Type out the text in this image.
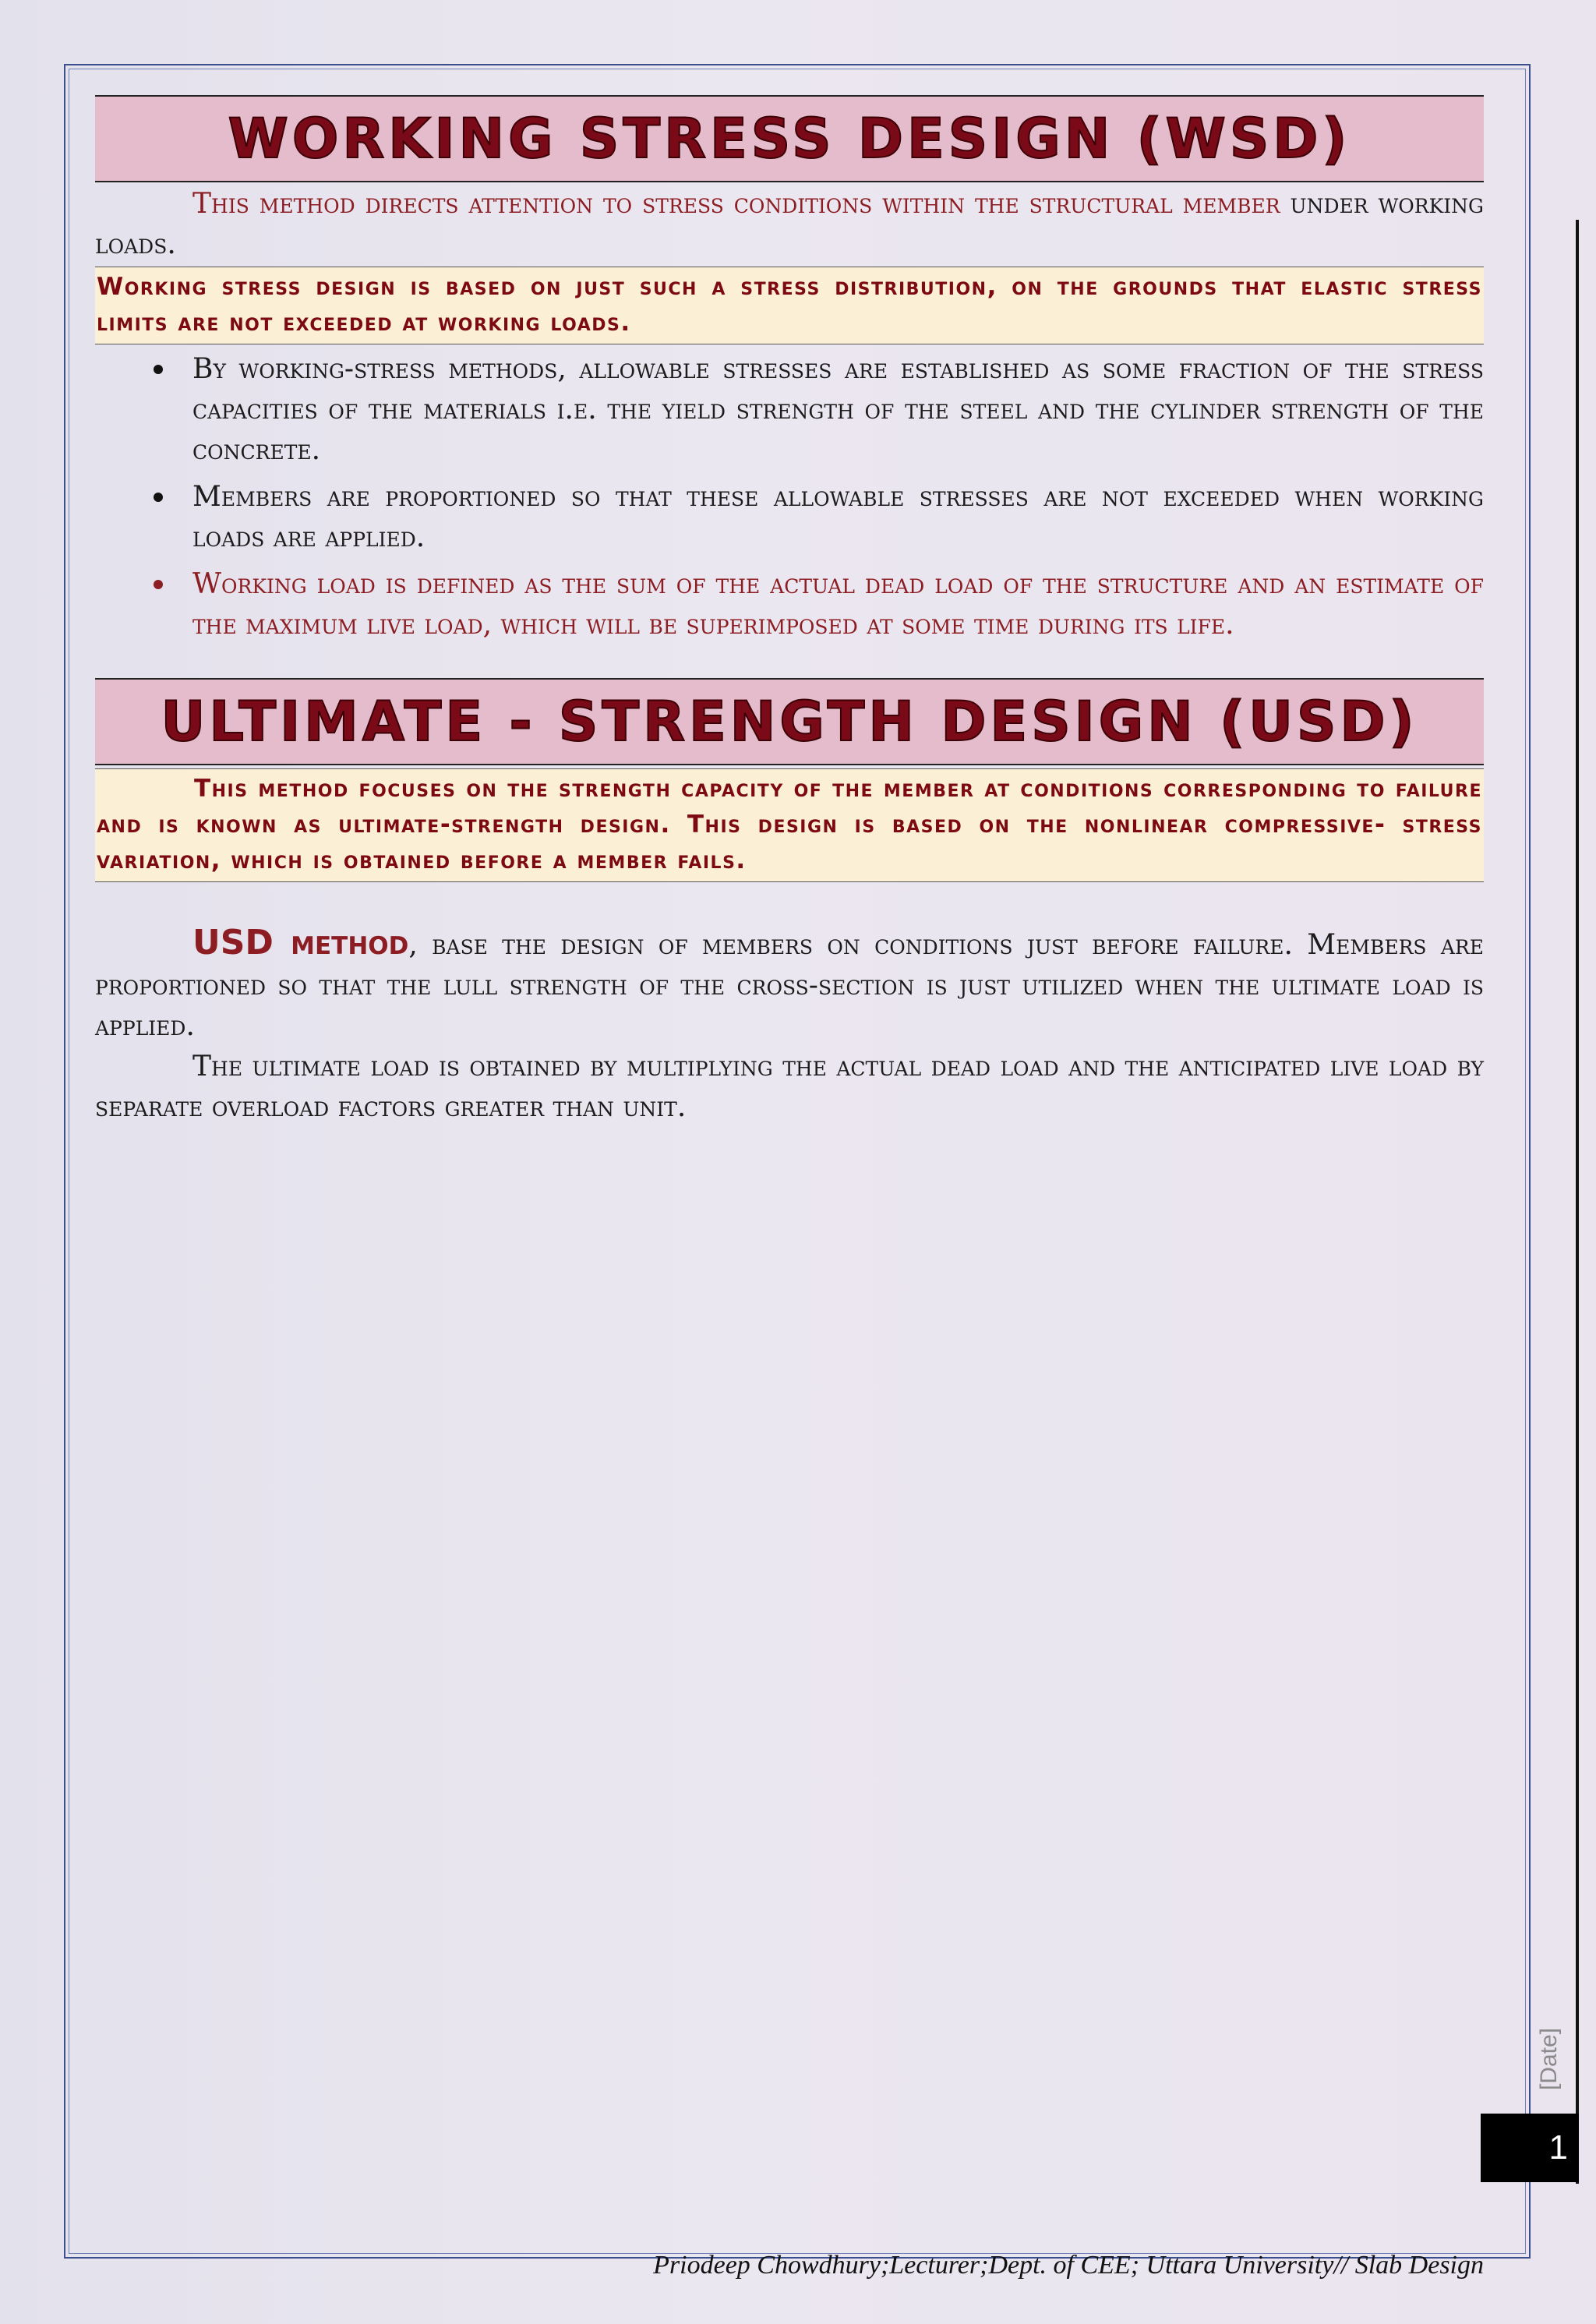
WORKING STRESS DESIGN (WSD)

This method directs attention to stress conditions within the structural member under working loads.

Working stress design is based on just such a stress distribution, on the grounds that elastic stress limits are not exceeded at working loads.
By working-stress methods, allowable stresses are established as some fraction of the stress capacities of the materials i.e. the yield strength of the steel and the cylinder strength of the concrete.
Members are proportioned so that these allowable stresses are not exceeded when working loads are applied.
Working load is defined as the sum of the actual dead load of the structure and an estimate of the maximum live load, which will be superimposed at some time during its life.
ULTIMATE - STRENGTH DESIGN (USD)
This method focuses on the strength capacity of the member at conditions corresponding to failure and is known as ultimate-strength design. This design is based on the nonlinear compressive- stress variation, which is obtained before a member fails.

USD method, base the design of members on conditions just before failure. Members are proportioned so that the lull strength of the cross-section is just utilized when the ultimate load is applied.

The ultimate load is obtained by multiplying the actual dead load and the anticipated live load by separate overload factors greater than unit.

[Date]
1
Priodeep Chowdhury;Lecturer;Dept. of CEE; Uttara University// Slab Design
